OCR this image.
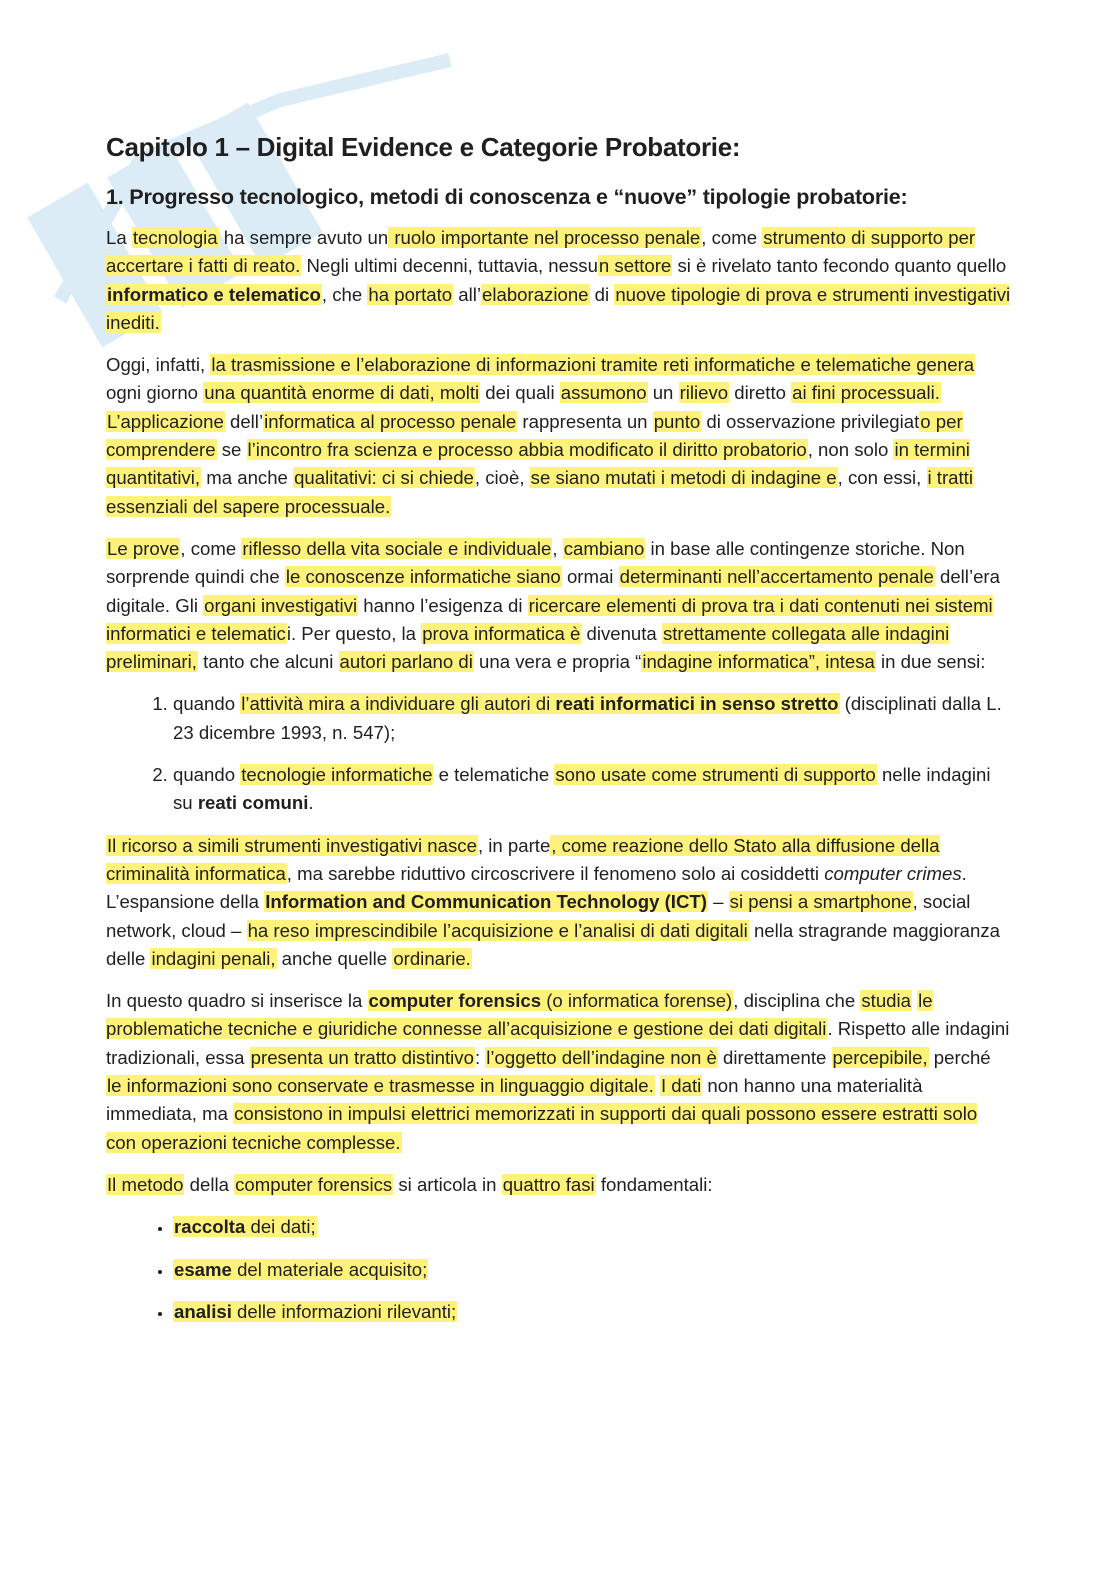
Capitolo 1 – Digital Evidence e Categorie Probatorie:
1. Progresso tecnologico, metodi di conoscenza e “nuove” tipologie probatorie:

La tecnologia ha sempre avuto un ruolo importante nel processo penale, come strumento di supporto per accertare i fatti di reato. Negli ultimi decenni, tuttavia, nessun settore si è rivelato tanto fecondo quanto quello informatico e telematico, che ha portato all’elaborazione di nuove tipologie di prova e strumenti investigativi inediti.

Oggi, infatti, la trasmissione e l’elaborazione di informazioni tramite reti informatiche e telematiche genera ogni giorno una quantità enorme di dati, molti dei quali assumono un rilievo diretto ai fini processuali. L’applicazione dell’informatica al processo penale rappresenta un punto di osservazione privilegiato per comprendere se l’incontro fra scienza e processo abbia modificato il diritto probatorio, non solo in termini quantitativi, ma anche qualitativi: ci si chiede, cioè, se siano mutati i metodi di indagine e, con essi, i tratti essenziali del sapere processuale.

Le prove, come riflesso della vita sociale e individuale, cambiano in base alle contingenze storiche. Non sorprende quindi che le conoscenze informatiche siano ormai determinanti nell’accertamento penale dell’era digitale. Gli organi investigativi hanno l’esigenza di ricercare elementi di prova tra i dati contenuti nei sistemi informatici e telematici. Per questo, la prova informatica è divenuta strettamente collegata alle indagini preliminari, tanto che alcuni autori parlano di una vera e propria “indagine informatica”, intesa in due sensi:

1. quando l’attività mira a individuare gli autori di reati informatici in senso stretto (disciplinati dalla L. 23 dicembre 1993, n. 547);
2. quando tecnologie informatiche e telematiche sono usate come strumenti di supporto nelle indagini su reati comuni.

Il ricorso a simili strumenti investigativi nasce, in parte, come reazione dello Stato alla diffusione della criminalità informatica, ma sarebbe riduttivo circoscrivere il fenomeno solo ai cosiddetti computer crimes. L’espansione della Information and Communication Technology (ICT) – si pensi a smartphone, social network, cloud – ha reso imprescindibile l’acquisizione e l’analisi di dati digitali nella stragrande maggioranza delle indagini penali, anche quelle ordinarie.

In questo quadro si inserisce la computer forensics (o informatica forense), disciplina che studia le problematiche tecniche e giuridiche connesse all’acquisizione e gestione dei dati digitali. Rispetto alle indagini tradizionali, essa presenta un tratto distintivo: l’oggetto dell’indagine non è direttamente percepibile, perché le informazioni sono conservate e trasmesse in linguaggio digitale. I dati non hanno una materialità immediata, ma consistono in impulsi elettrici memorizzati in supporti dai quali possono essere estratti solo con operazioni tecniche complesse.

Il metodo della computer forensics si articola in quattro fasi fondamentali:

• raccolta dei dati;
• esame del materiale acquisito;
• analisi delle informazioni rilevanti;
